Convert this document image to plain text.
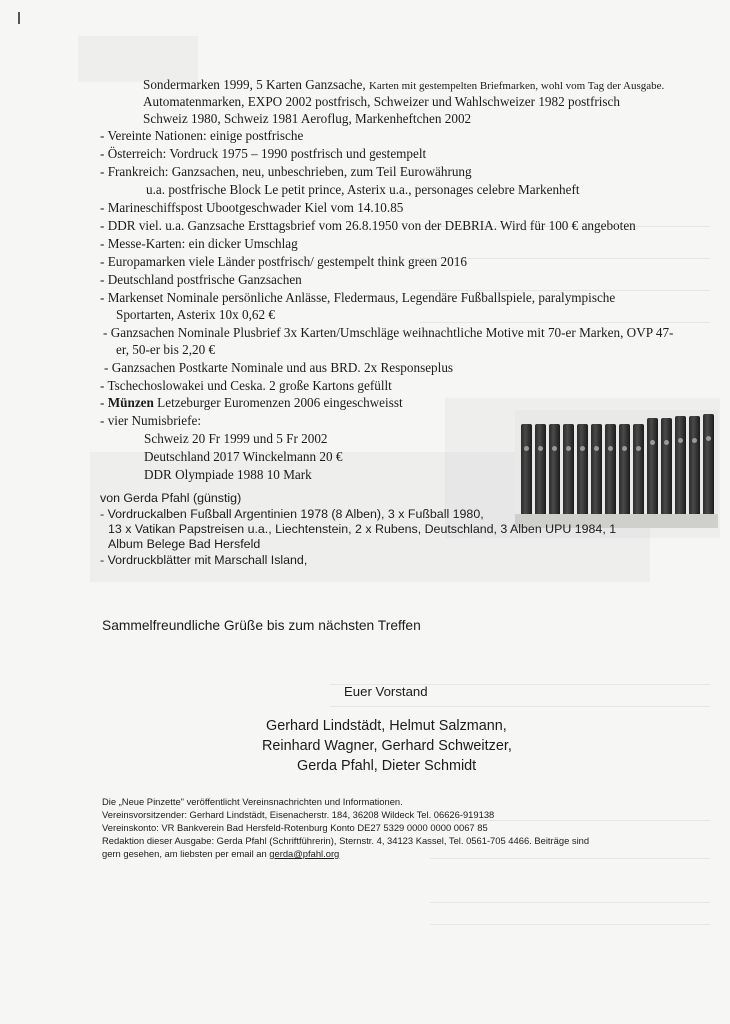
Sondermarken 1999, 5 Karten Ganzsache, Karten mit gestempelten Briefmarken, wohl vom Tag der Ausgabe.
Automatenmarken, EXPO 2002 postfrisch, Schweizer und Wahlschweizer 1982 postfrisch
Schweiz 1980, Schweiz 1981 Aeroflug, Markenheftchen 2002
- Vereinte Nationen: einige postfrische
- Österreich: Vordruck 1975 – 1990 postfrisch und gestempelt
- Frankreich: Ganzsachen, neu, unbeschrieben, zum Teil Eurowährung
u.a. postfrische Block Le petit prince, Asterix u.a., personages celebre Markenheft
- Marineschiffspost Ubootgeschwader Kiel vom 14.10.85
- DDR viel. u.a. Ganzsache Ersttagsbrief vom 26.8.1950 von der DEBRIA. Wird für 100 € angeboten
- Messe-Karten: ein dicker Umschlag
- Europamarken viele Länder postfrisch/ gestempelt think green 2016
- Deutschland postfrische Ganzsachen
- Markenset Nominale persönliche Anlässe, Fledermaus, Legendäre Fußballspiele, paralympische
Sportarten, Asterix 10x 0,62 €
- Ganzsachen Nominale Plusbrief 3x Karten/Umschläge weihnachtliche Motive mit 70-er Marken, OVP 47-
er, 50-er bis 2,20 €
- Ganzsachen Postkarte Nominale und aus BRD. 2x Responseplus
- Tschechoslowakei und Ceska. 2 große Kartons gefüllt
- Münzen Letzeburger Euromenzen 2006 eingeschweisst
- vier Numisbriefe:
Schweiz 20 Fr 1999 und 5 Fr 2002
Deutschland 2017 Winckelmann 20 €
DDR Olympiade 1988 10 Mark
von Gerda Pfahl (günstig)
- Vordruckalben Fußball Argentinien 1978 (8 Alben), 3 x Fußball 1980,
13 x Vatikan Papstreisen u.a., Liechtenstein, 2 x Rubens, Deutschland, 3 Alben UPU 1984, 1
Album Belege Bad Hersfeld
- Vordruckblätter mit Marschall Island,
Sammelfreundliche Grüße bis zum nächsten Treffen
Euer Vorstand
Gerhard Lindstädt, Helmut Salzmann,
Reinhard Wagner, Gerhard Schweitzer,
Gerda Pfahl, Dieter Schmidt
Die „Neue Pinzette" veröffentlicht Vereinsnachrichten und Informationen.
Vereinsvorsitzender: Gerhard Lindstädt, Eisenacherstr. 184, 36208 Wildeck Tel. 06626-919138
Vereinskonto: VR Bankverein Bad Hersfeld-Rotenburg Konto DE27 5329 0000 0000 0067 85
Redaktion dieser Ausgabe: Gerda Pfahl (Schriftführerin), Sternstr. 4, 34123 Kassel, Tel. 0561-705 4466. Beiträge sind
gern gesehen, am liebsten per email an gerda@pfahl.org
